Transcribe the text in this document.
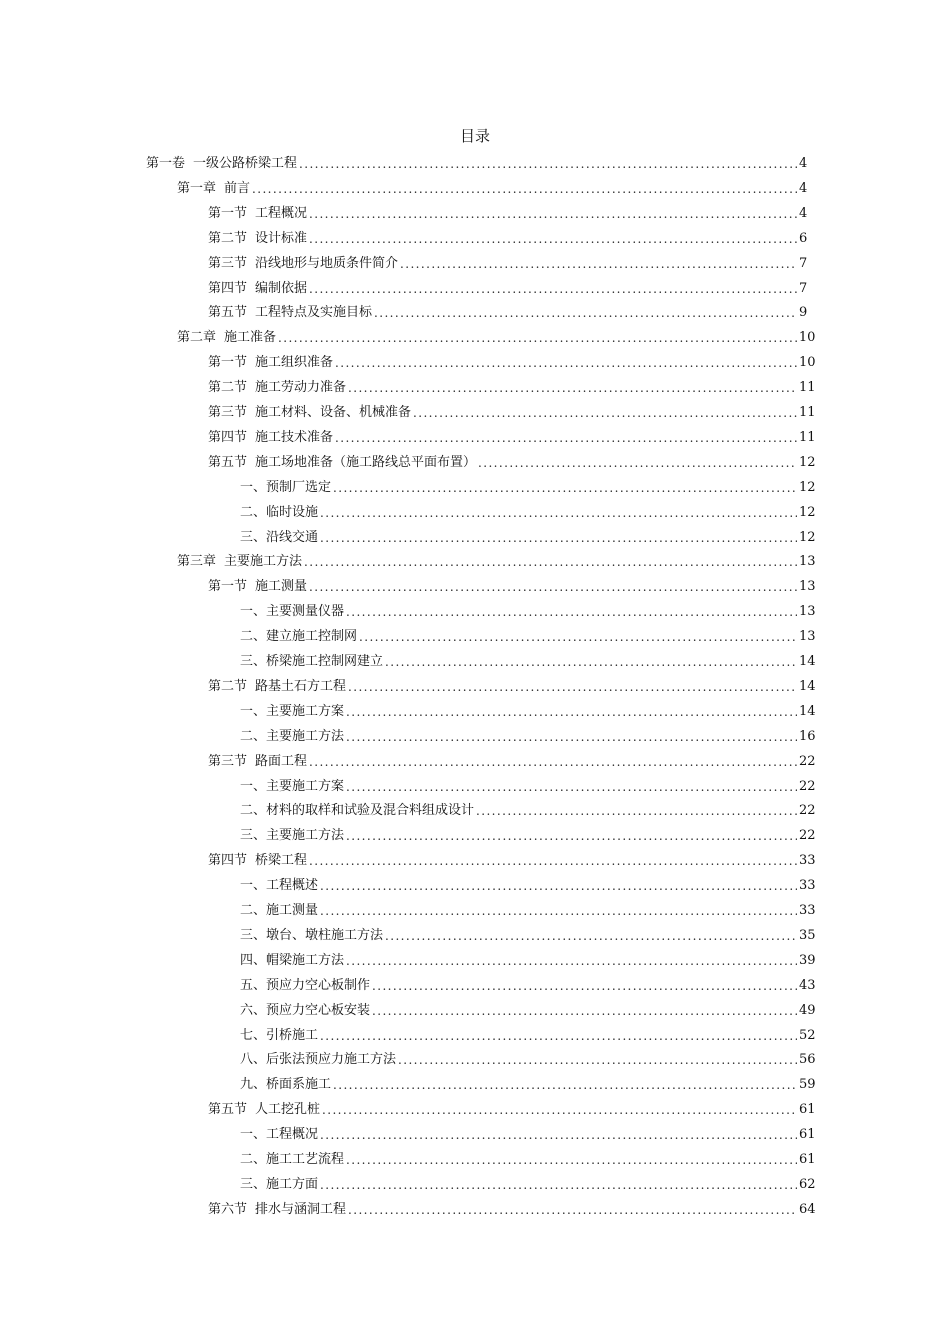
目录
第一卷 一级公路桥梁工程 .....	4
第一章 前言 .....	4
第一节 工程概况 .....	4
第二节 设计标准 .....	6
第三节 沿线地形与地质条件简介 .....	7
第四节 编制依据 .....	7
第五节 工程特点及实施目标 .....	9
第二章 施工准备 .....	10
第一节 施工组织准备 .....	10
第二节 施工劳动力准备 .....	11
第三节 施工材料、设备、机械准备 .....	11
第四节 施工技术准备 .....	11
第五节 施工场地准备（施工路线总平面布置） .....	12
一、 预制厂选定 .....	12
二、 临时设施 .....	12
三、 沿线交通 .....	12
第三章 主要施工方法 .....	13
第一节 施工测量 .....	13
一、 主要测量仪器 .....	13
二、 建立施工控制网 .....	13
三、 桥梁施工控制网建立 .....	14
第二节 路基土石方工程 .....	14
一、 主要施工方案 .....	14
二、 主要施工方法 .....	16
第三节 路面工程 .....	22
一、 主要施工方案 .....	22
二、 材料的取样和试验及混合料组成设计 .....	22
三、 主要施工方法 .....	22
第四节 桥梁工程 .....	33
一、 工程概述 .....	33
二、 施工测量 .....	33
三、 墩台、墩柱施工方法 .....	35
四、 帽梁施工方法 .....	39
五、 预应力空心板制作 .....	43
六、 预应力空心板安装 .....	49
七、 引桥施工 .....	52
八、 后张法预应力施工方法 .....	56
九、 桥面系施工 .....	59
第五节 人工挖孔桩 .....	61
一、 工程概况 .....	61
二、 施工工艺流程 .....	61
三、 施工方面 .....	62
第六节 排水与涵洞工程 .....	64
